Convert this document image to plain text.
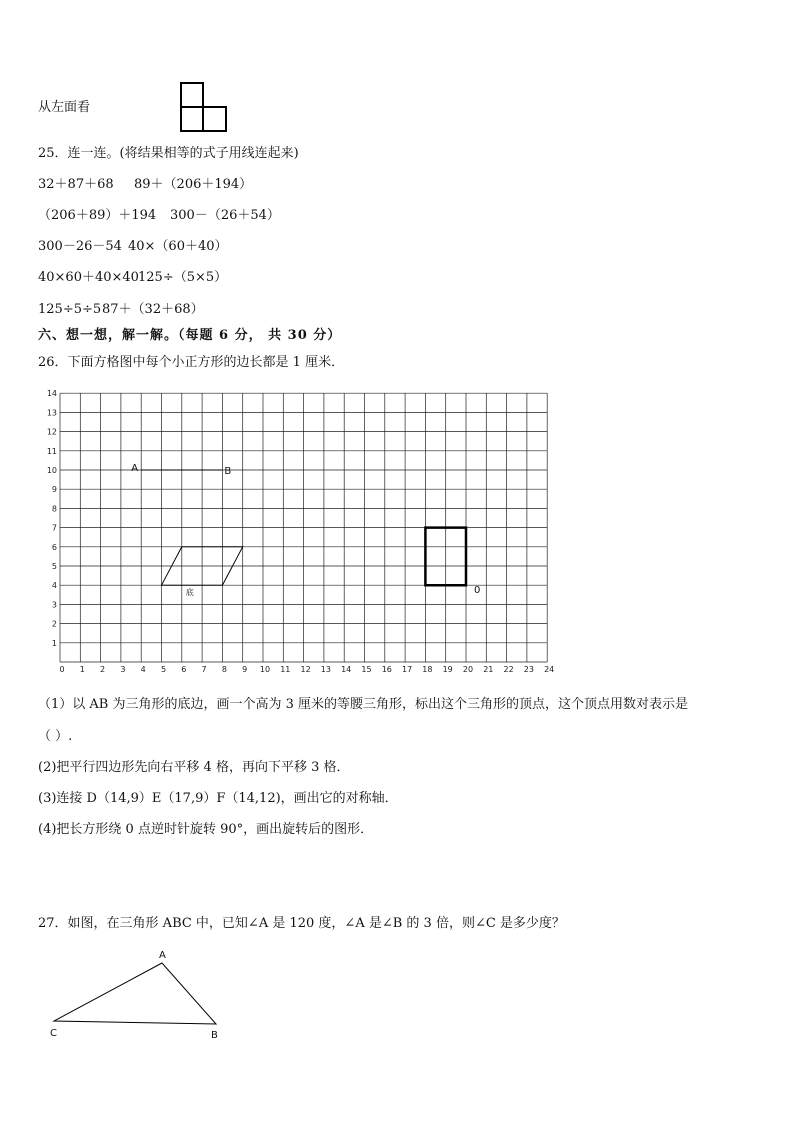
从左面看
25．连一连。(将结果相等的式子用线连起来)
32＋87＋68 89＋（206＋194）
（206＋89）＋194 300－（26＋54）
300－26－54 40×（60＋40）
40×60＋40×40 125÷（5×5）
125÷5÷5 87＋（32＋68）
六、想一想，解一解。（每题 6 分， 共 30 分）
26．下面方格图中每个小正方形的边长都是 1 厘米．
0 1 2 3 4 5 6 7 8 9 10 11 12 13 14 15 16 17 18 19 20 21 22 23 24
1
2
3
4
5
6
7
8
9
10
11
12
13
14
A	B
底	0
（1）以 AB 为三角形的底边，画一个高为 3 厘米的等腰三角形，标出这个三角形的顶点，这个顶点用数对表示是
（ ）.
(2)把平行四边形先向右平移 4 格，再向下平移 3 格．
(3)连接 D（14,9）E（17,9）F（14,12)，画出它的对称轴．
(4)把长方形绕 0 点逆时针旋转 90°，画出旋转后的图形．
27．如图，在三角形 ABC 中，已知∠A 是 120 度，∠A 是∠B 的 3 倍，则∠C 是多少度？
A
C	B
